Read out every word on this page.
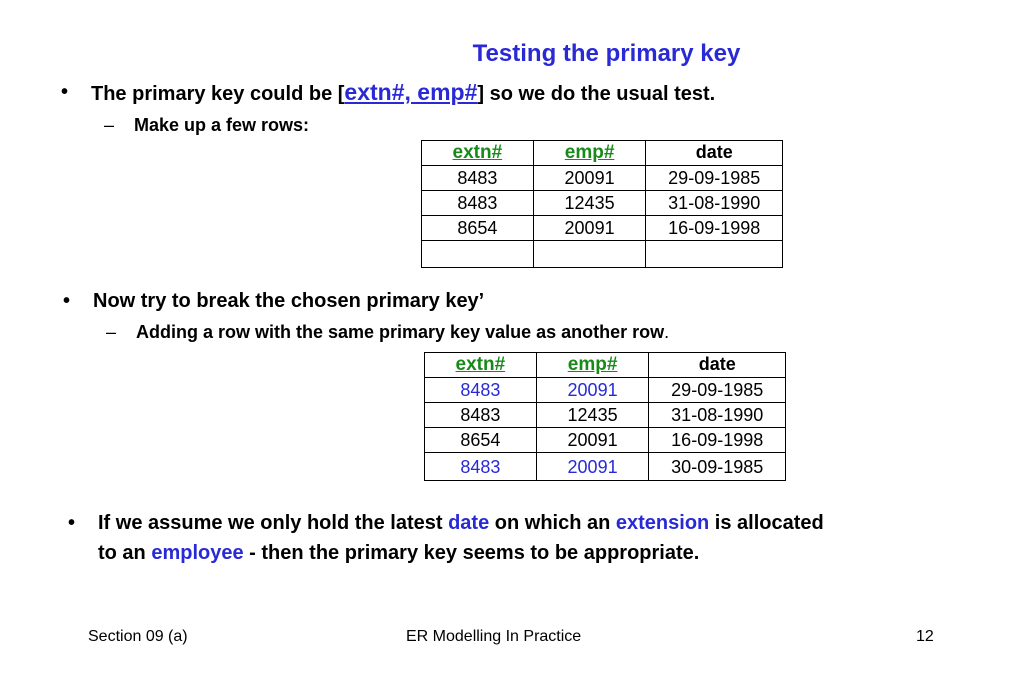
Testing the primary key
• The primary key could be [extn#, emp#] so we do the usual test.
– Make up a few rows:
extn#	emp#	date
8483	20091	29-09-1985
8483	12435	31-08-1990
8654	20091	16-09-1998

• Now try to break the chosen primary key’
– Adding a row with the same primary key value as another row.
extn#	emp#	date
8483	20091	29-09-1985
8483	12435	31-08-1990
8654	20091	16-09-1998
8483	20091	30-09-1985
• If we assume we only hold the latest date on which an extension is allocated
to an employee - then the primary key seems to be appropriate.
Section 09 (a)	ER Modelling In Practice	12
